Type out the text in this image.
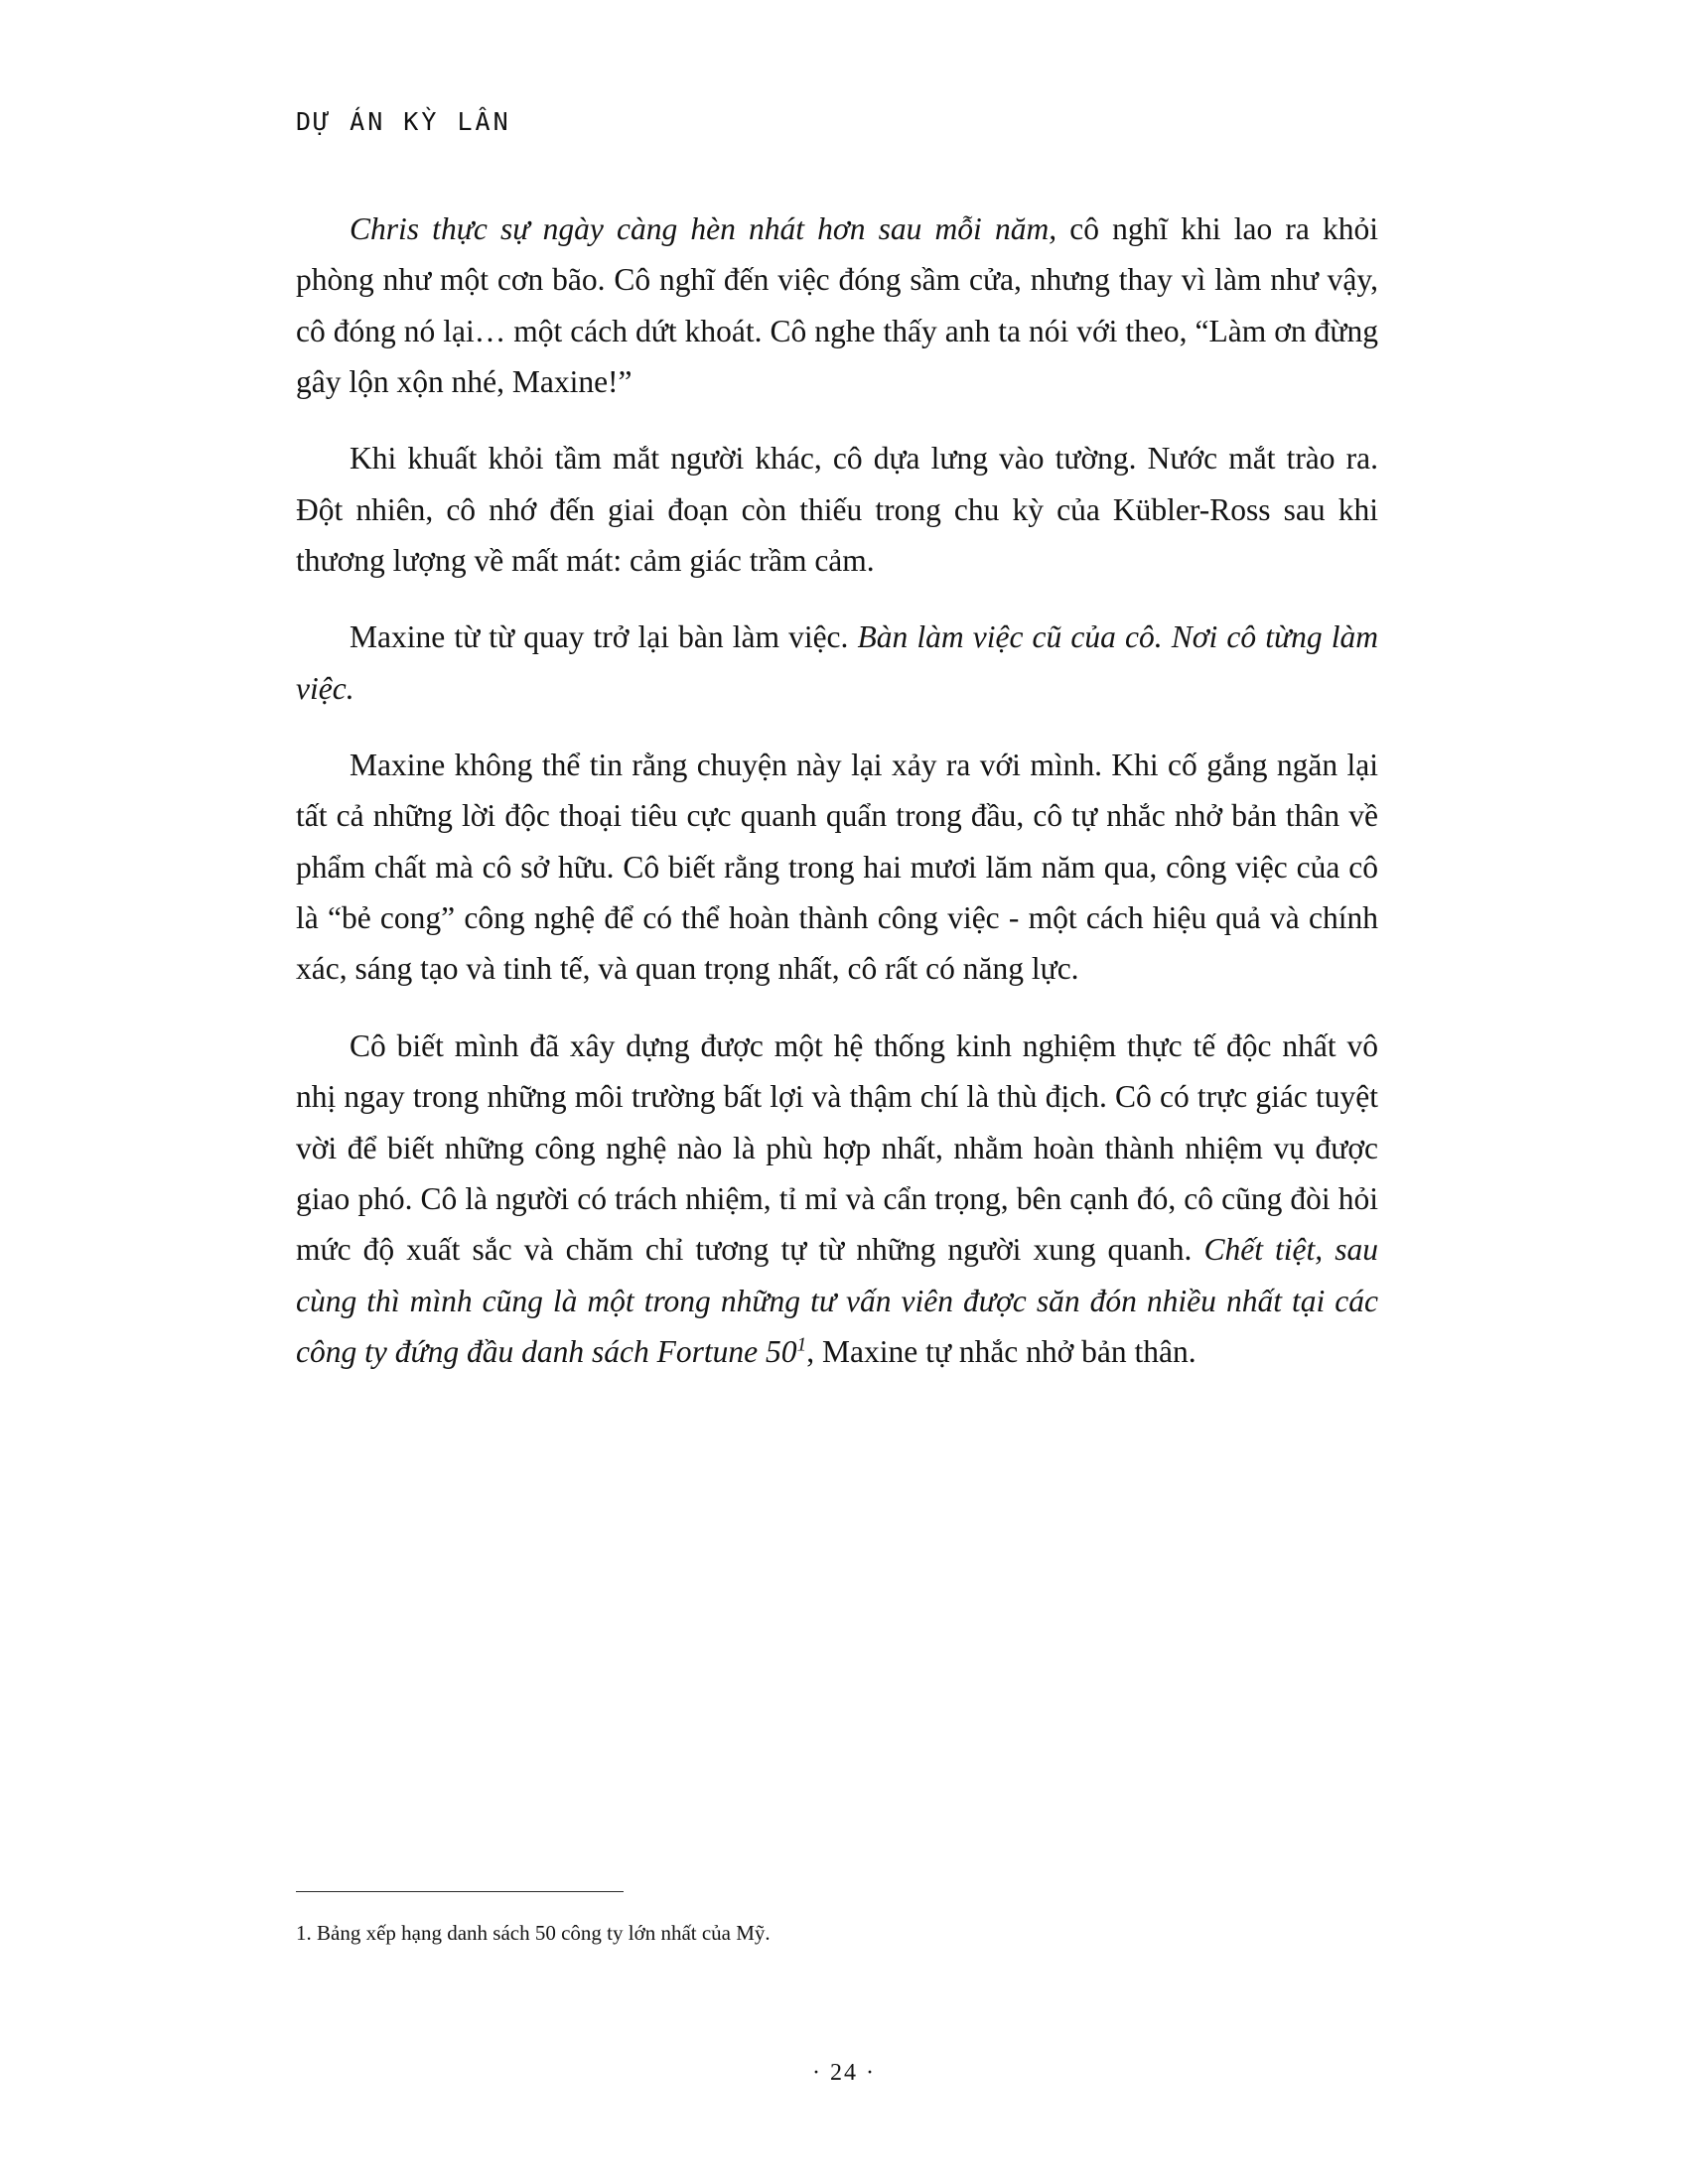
DỰ ÁN KỲ LÂN

Chris thực sự ngày càng hèn nhát hơn sau mỗi năm, cô nghĩ khi lao ra khỏi phòng như một cơn bão. Cô nghĩ đến việc đóng sầm cửa, nhưng thay vì làm như vậy, cô đóng nó lại… một cách dứt khoát. Cô nghe thấy anh ta nói với theo, “Làm ơn đừng gây lộn xộn nhé, Maxine!”

Khi khuất khỏi tầm mắt người khác, cô dựa lưng vào tường. Nước mắt trào ra. Đột nhiên, cô nhớ đến giai đoạn còn thiếu trong chu kỳ của Kübler-Ross sau khi thương lượng về mất mát: cảm giác trầm cảm.

Maxine từ từ quay trở lại bàn làm việc. Bàn làm việc cũ của cô. Nơi cô từng làm việc.

Maxine không thể tin rằng chuyện này lại xảy ra với mình. Khi cố gắng ngăn lại tất cả những lời độc thoại tiêu cực quanh quẩn trong đầu, cô tự nhắc nhở bản thân về phẩm chất mà cô sở hữu. Cô biết rằng trong hai mươi lăm năm qua, công việc của cô là “bẻ cong” công nghệ để có thể hoàn thành công việc - một cách hiệu quả và chính xác, sáng tạo và tinh tế, và quan trọng nhất, cô rất có năng lực.

Cô biết mình đã xây dựng được một hệ thống kinh nghiệm thực tế độc nhất vô nhị ngay trong những môi trường bất lợi và thậm chí là thù địch. Cô có trực giác tuyệt vời để biết những công nghệ nào là phù hợp nhất, nhằm hoàn thành nhiệm vụ được giao phó. Cô là người có trách nhiệm, tỉ mỉ và cẩn trọng, bên cạnh đó, cô cũng đòi hỏi mức độ xuất sắc và chăm chỉ tương tự từ những người xung quanh. Chết tiệt, sau cùng thì mình cũng là một trong những tư vấn viên được săn đón nhiều nhất tại các công ty đứng đầu danh sách Fortune $50^1$, Maxine tự nhắc nhở bản thân.

1. Bảng xếp hạng danh sách 50 công ty lớn nhất của Mỹ.
· 24 ·
